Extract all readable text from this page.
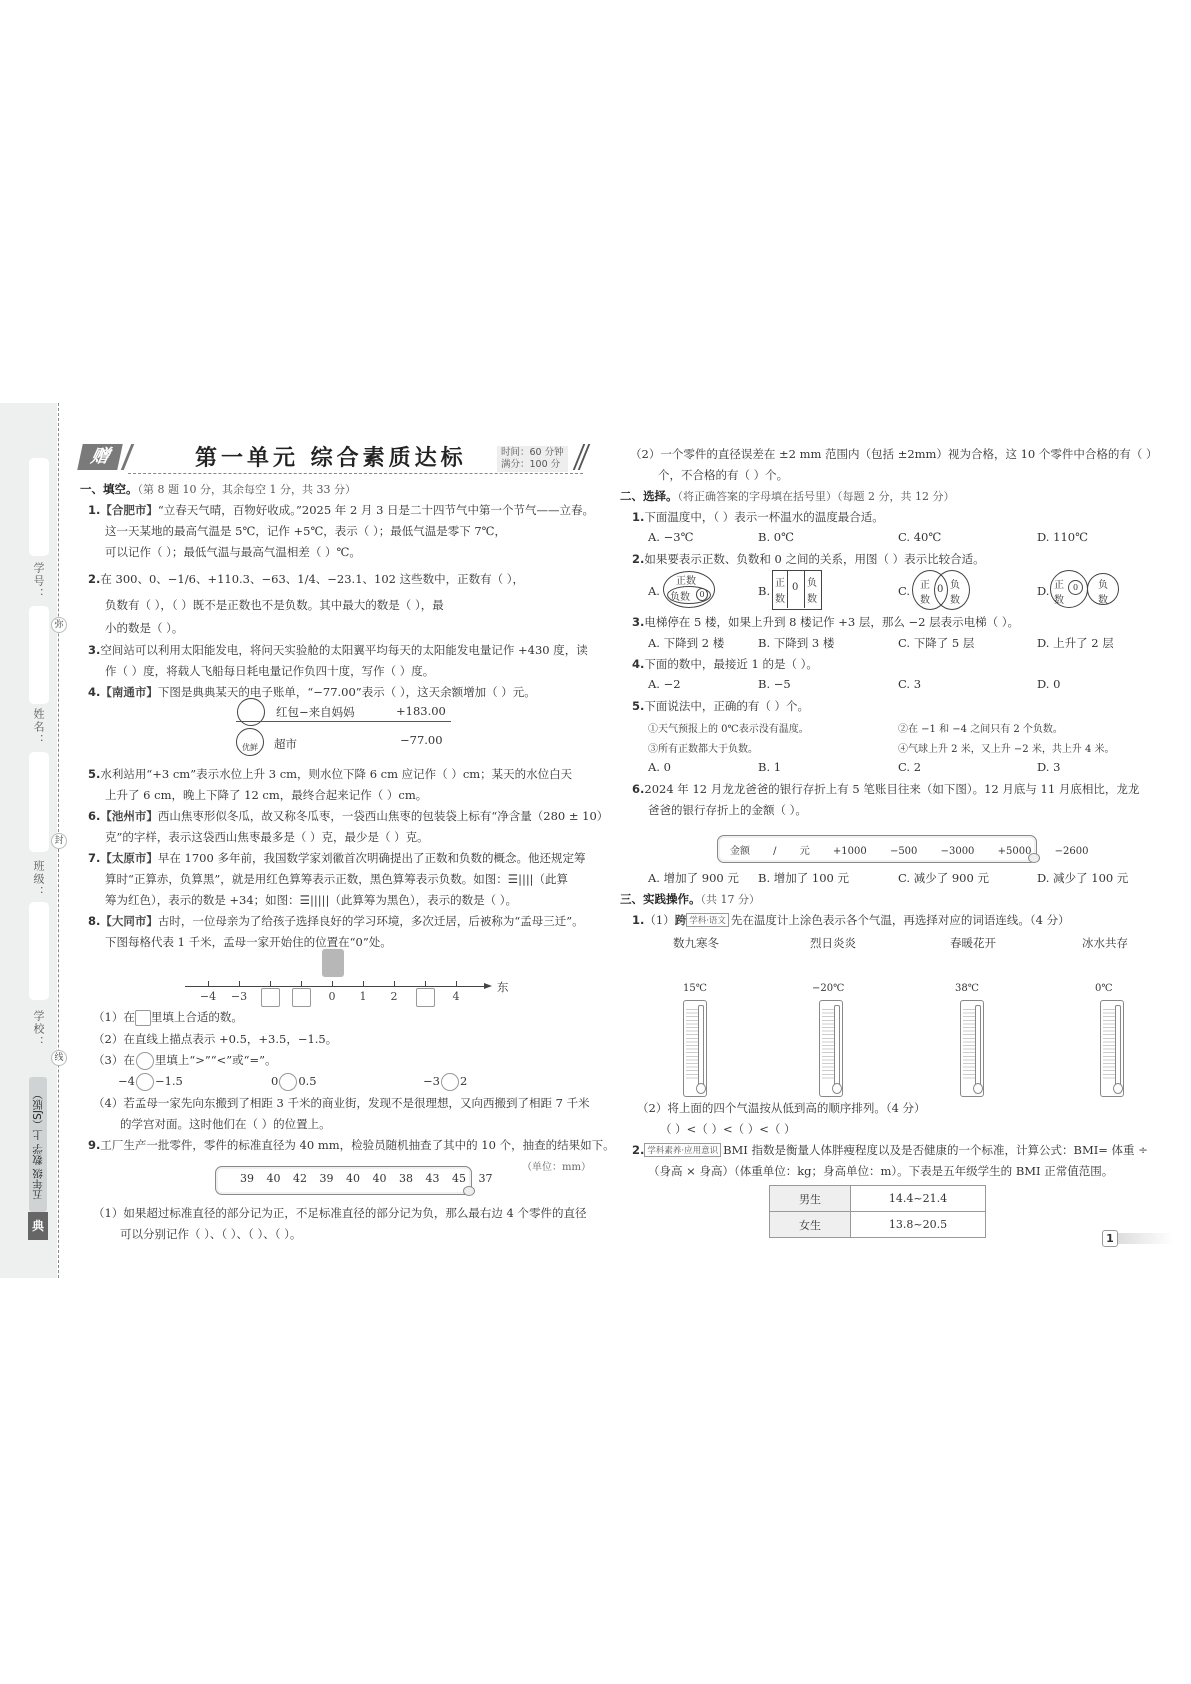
学号：
姓名：
班级：
学校：
弥
封
线
五年级 数学 上（SJ版）
典
赠	第一单元 综合素质达标	时间：60 分钟
满分：100 分
一、填空。（第 8 题 10 分，其余每空 1 分，共 33 分）
1.【合肥市】“立春天气晴，百物好收成。”2025 年 2 月 3 日是二十四节气中第一个节气——立春。
这一天某地的最高气温是 5℃，记作 +5℃，表示（ ）；最低气温是零下 7℃，
可以记作（ ）；最低气温与最高气温相差（ ）℃。
2.在 300、0、−1/6、+110.3、−63、1/4、−23.1、102 这些数中，正数有（ ），
负数有（ ），（ ）既不是正数也不是负数。其中最大的数是（ ），最
小的数是（ ）。
3.空间站可以利用太阳能发电，将问天实验舱的太阳翼平均每天的太阳能发电量记作 +430 度，读
作（ ）度，将载人飞船每日耗电量记作负四十度，写作（ ）度。
4.【南通市】下图是典典某天的电子账单，“−77.00”表示（ ），这天余额增加（ ）元。
红包−来自妈妈	+183.00
优鲜	超市	−77.00
5.水利站用“+3 cm”表示水位上升 3 cm，则水位下降 6 cm 应记作（ ）cm；某天的水位白天
上升了 6 cm，晚上下降了 12 cm，最终合起来记作（ ）cm。
6.【池州市】西山焦枣形似冬瓜，故又称冬瓜枣，一袋西山焦枣的包装袋上标有“净含量（280 ± 10）
克”的字样，表示这袋西山焦枣最多是（ ）克，最少是（ ）克。
7.【太原市】早在 1700 多年前，我国数学家刘徽首次明确提出了正数和负数的概念。他还规定筹
算时“正算赤，负算黑”，就是用红色算筹表示正数，黑色算筹表示负数。如图：☰||||（此算
筹为红色），表示的数是 +34；如图：☰|||||（此算筹为黑色），表示的数是（ ）。
8.【大同市】古时，一位母亲为了给孩子选择良好的学习环境，多次迁居，后被称为“孟母三迁”。
下图每格代表 1 千米，孟母一家开始住的位置在“0”处。
东
−4 −3	0 1 2	4
（1）在 里填上合适的数。
（2）在直线上描点表示 +0.5，+3.5，−1.5。
（3）在 里填上“>”“<”或“=”。
−4 −1.5	0 0.5	−3 2
（4）若孟母一家先向东搬到了相距 3 千米的商业街，发现不是很理想，又向西搬到了相距 7 千米
的学宫对面。这时他们在（ ）的位置上。
9.工厂生产一批零件，零件的标准直径为 40 mm，检验员随机抽查了其中的 10 个，抽查的结果如下。
（单位：mm）
39 40 42 39 40 40 38 43 45 37
（1）如果超过标准直径的部分记为正，不足标准直径的部分记为负，那么最右边 4 个零件的直径
可以分别记作（ ）、（ ）、（ ）、（ ）。
（2）一个零件的直径误差在 ±2 mm 范围内（包括 ±2mm）视为合格，这 10 个零件中合格的有（ ）
个，不合格的有（ ）个。
二、选择。（将正确答案的字母填在括号里）（每题 2 分，共 12 分）
1.下面温度中，（ ）表示一杯温水的温度最合适。
A. −3℃	B. 0℃	C. 40℃	D. 110℃
2.如果要表示正数、负数和 0 之间的关系，用图（ ）表示比较合适。
A.
正数
负数	0	B.
正
数
0 负
数
C. 正
数
0 负
数
D. 正
数
0	负
数
3.电梯停在 5 楼，如果上升到 8 楼记作 +3 层，那么 −2 层表示电梯（ ）。
A. 下降到 2 楼	B. 下降到 3 楼	C. 下降了 5 层	D. 上升了 2 层
4.下面的数中，最接近 1 的是（ ）。
A. −2	B. −5	C. 3	D. 0
5.下面说法中，正确的有（ ）个。
①天气预报上的 0℃表示没有温度。	②在 −1 和 −4 之间只有 2 个负数。
③所有正数都大于负数。	④气球上升 2 米，又上升 −2 米，共上升 4 米。
A. 0	B. 1	C. 2	D. 3
6.2024 年 12 月龙龙爸爸的银行存折上有 5 笔账目往来（如下图）。12 月底与 11 月底相比，龙龙
爸爸的银行存折上的金额（ ）。
金额 / 元 +1000 −500 −3000 +5000 −2600
A. 增加了 900 元 B. 增加了 100 元	C. 减少了 900 元	D. 减少了 100 元
三、实践操作。（共 17 分）
1.（1）跨 学科·语文 先在温度计上涂色表示各个气温，再选择对应的词语连线。（4 分）
数九寒冬	烈日炎炎	春暖花开	冰水共存
15℃	−20℃	38℃	0℃
（2）将上面的四个气温按从低到高的顺序排列。（4 分）
（ ）<（ ）<（ ）<（ ）
2. 学科素养·应用意识 BMI 指数是衡量人体胖瘦程度以及是否健康的一个标准，计算公式：BMI= 体重 ÷
（身高 × 身高）（体重单位：kg；身高单位：m）。下表是五年级学生的 BMI 正常值范围。
男生	14.4~21.4
女生	13.8~20.5
1
